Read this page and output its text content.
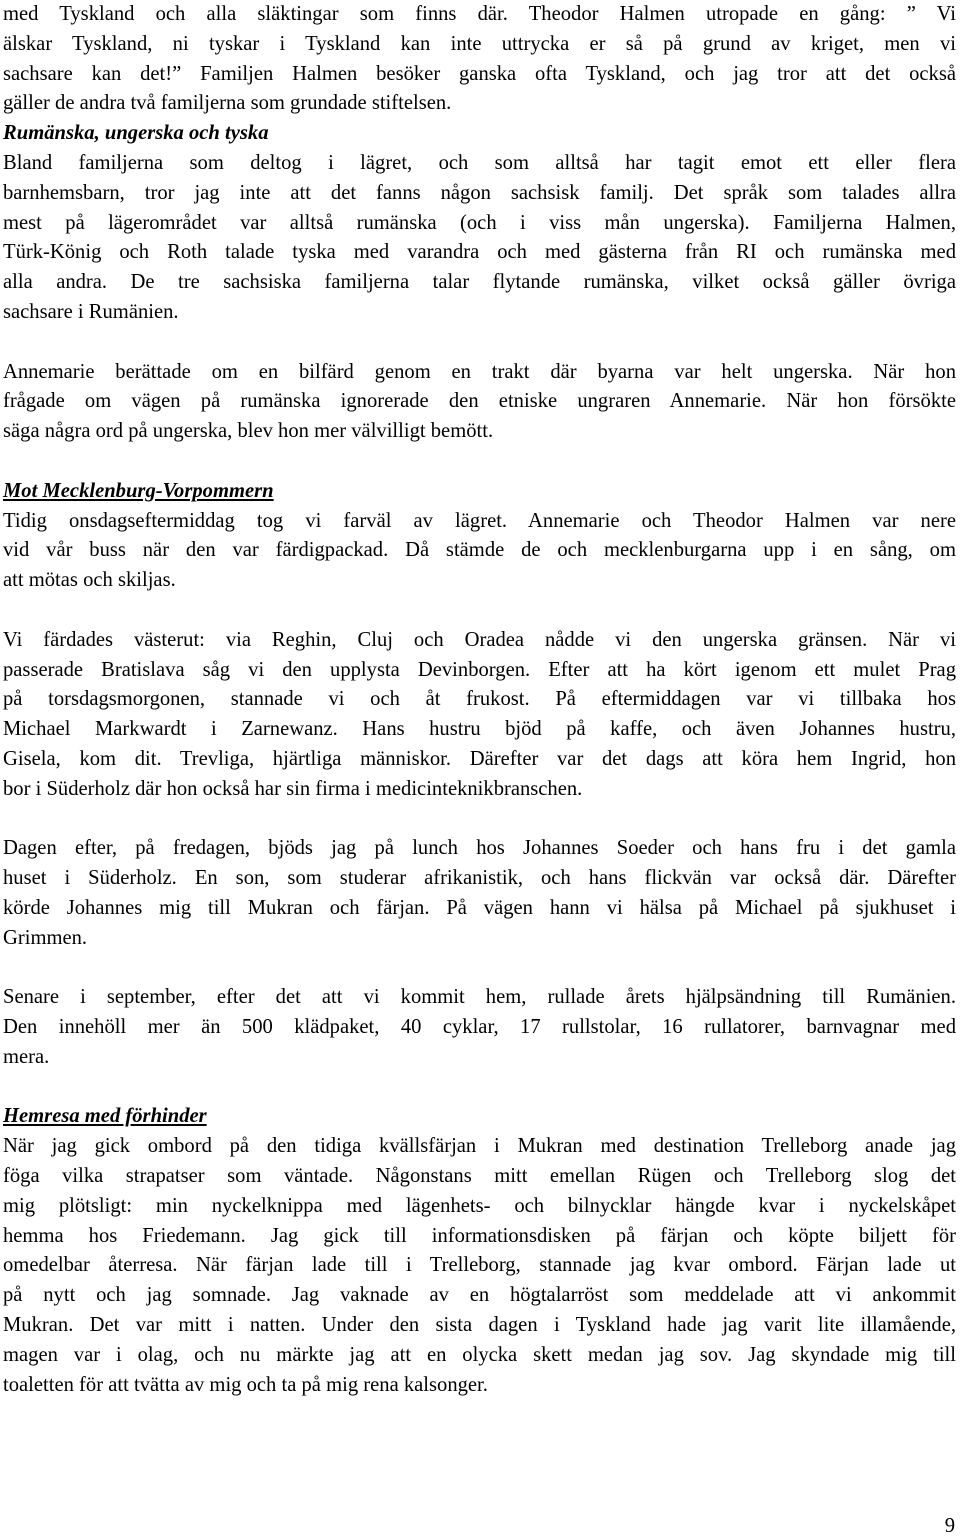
med Tyskland och alla släktingar som finns där. Theodor Halmen utropade en gång: ” Vi
älskar Tyskland, ni tyskar i Tyskland kan inte uttrycka er så på grund av kriget, men vi
sachsare kan det!” Familjen Halmen besöker ganska ofta Tyskland, och jag tror att det också
gäller de andra två familjerna som grundade stiftelsen.
Rumänska, ungerska och tyska
Bland familjerna som deltog i lägret, och som alltså har tagit emot ett eller flera
barnhemsbarn, tror jag inte att det fanns någon sachsisk familj. Det språk som talades allra
mest på lägerområdet var alltså rumänska (och i viss mån ungerska). Familjerna Halmen,
Türk-König och Roth talade tyska med varandra och med gästerna från RI och rumänska med
alla andra. De tre sachsiska familjerna talar flytande rumänska, vilket också gäller övriga
sachsare i Rumänien.
Annemarie berättade om en bilfärd genom en trakt där byarna var helt ungerska. När hon
frågade om vägen på rumänska ignorerade den etniske ungraren Annemarie. När hon försökte
säga några ord på ungerska, blev hon mer välvilligt bemött.
Mot Mecklenburg-Vorpommern
Tidig onsdagseftermiddag tog vi farväl av lägret. Annemarie och Theodor Halmen var nere
vid vår buss när den var färdigpackad. Då stämde de och mecklenburgarna upp i en sång, om
att mötas och skiljas.
Vi färdades västerut: via Reghin, Cluj och Oradea nådde vi den ungerska gränsen. När vi
passerade Bratislava såg vi den upplysta Devinborgen. Efter att ha kört igenom ett mulet Prag
på torsdagsmorgonen, stannade vi och åt frukost. På eftermiddagen var vi tillbaka hos
Michael Markwardt i Zarnewanz. Hans hustru bjöd på kaffe, och även Johannes hustru,
Gisela, kom dit. Trevliga, hjärtliga människor. Därefter var det dags att köra hem Ingrid, hon
bor i Süderholz där hon också har sin firma i medicinteknikbranschen.
Dagen efter, på fredagen, bjöds jag på lunch hos Johannes Soeder och hans fru i det gamla
huset i Süderholz. En son, som studerar afrikanistik, och hans flickvän var också där. Därefter
körde Johannes mig till Mukran och färjan. På vägen hann vi hälsa på Michael på sjukhuset i
Grimmen.
Senare i september, efter det att vi kommit hem, rullade årets hjälpsändning till Rumänien.
Den innehöll mer än 500 klädpaket, 40 cyklar, 17 rullstolar, 16 rullatorer, barnvagnar med
mera.
Hemresa med förhinder
När jag gick ombord på den tidiga kvällsfärjan i Mukran med destination Trelleborg anade jag
föga vilka strapatser som väntade. Någonstans mitt emellan Rügen och Trelleborg slog det
mig plötsligt: min nyckelknippa med lägenhets- och bilnycklar hängde kvar i nyckelskåpet
hemma hos Friedemann. Jag gick till informationsdisken på färjan och köpte biljett för
omedelbar återresa. När färjan lade till i Trelleborg, stannade jag kvar ombord. Färjan lade ut
på nytt och jag somnade. Jag vaknade av en högtalarröst som meddelade att vi ankommit
Mukran. Det var mitt i natten. Under den sista dagen i Tyskland hade jag varit lite illamående,
magen var i olag, och nu märkte jag att en olycka skett medan jag sov. Jag skyndade mig till
toaletten för att tvätta av mig och ta på mig rena kalsonger.
9
